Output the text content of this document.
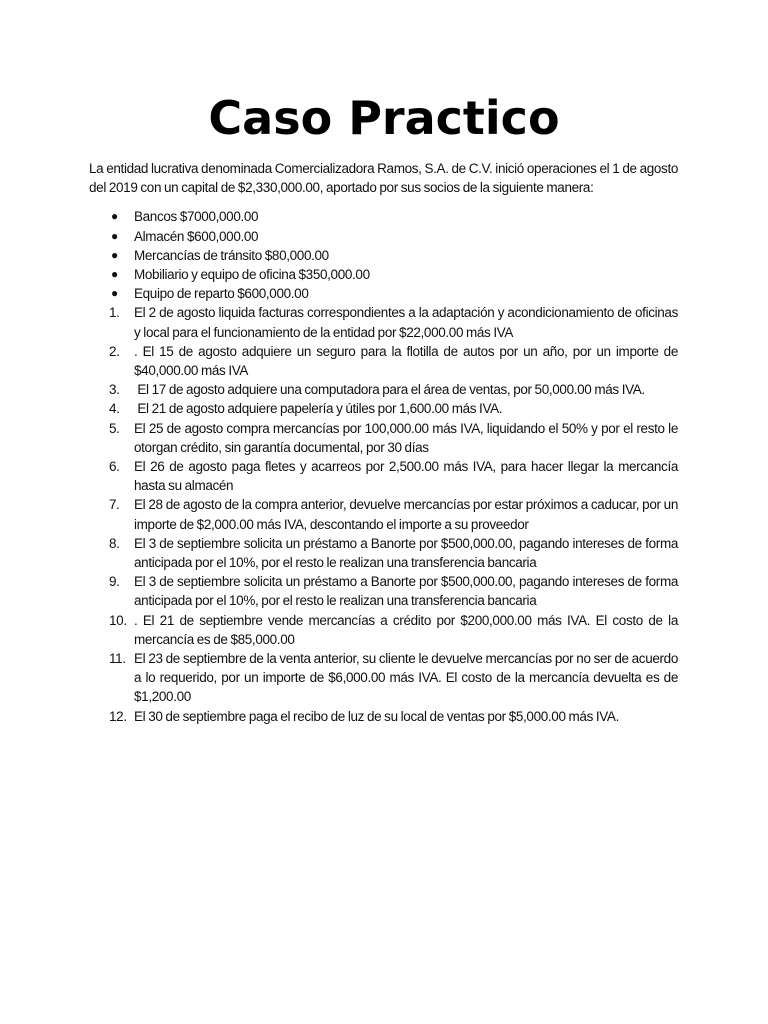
Caso Practico

La entidad lucrativa denominada Comercializadora Ramos, S.A. de C.V. inició operaciones el 1 de agosto del 2019 con un capital de $2,330,000.00, aportado por sus socios de la siguiente manera:

● Bancos $7000,000.00
● Almacén $600,000.00
● Mercancías de tránsito $80,000.00
● Mobiliario y equipo de oficina $350,000.00
● Equipo de reparto $600,000.00
1.	El 2 de agosto liquida facturas correspondientes a la adaptación y acondicionamiento de oficinas y local para el funcionamiento de la entidad por $22,000.00 más IVA
2.	. El 15 de agosto adquiere un seguro para la flotilla de autos por un año, por un importe de $40,000.00 más IVA
3.	El 17 de agosto adquiere una computadora para el área de ventas, por 50,000.00 más IVA.
4.	El 21 de agosto adquiere papelería y útiles por 1,600.00 más IVA.
5.	El 25 de agosto compra mercancías por 100,000.00 más IVA, liquidando el 50% y por el resto le otorgan crédito, sin garantía documental, por 30 días
6.	El 26 de agosto paga fletes y acarreos por 2,500.00 más IVA, para hacer llegar la mercancía hasta su almacén
7.	El 28 de agosto de la compra anterior, devuelve mercancías por estar próximos a caducar, por un importe de $2,000.00 más IVA, descontando el importe a su proveedor
8.	El 3 de septiembre solicita un préstamo a Banorte por $500,000.00, pagando intereses de forma anticipada por el 10%, por el resto le realizan una transferencia bancaria
9.	El 3 de septiembre solicita un préstamo a Banorte por $500,000.00, pagando intereses de forma anticipada por el 10%, por el resto le realizan una transferencia bancaria
10. . El 21 de septiembre vende mercancías a crédito por $200,000.00 más IVA. El costo de la mercancía es de $85,000.00
11. El 23 de septiembre de la venta anterior, su cliente le devuelve mercancías por no ser de acuerdo a lo requerido, por un importe de $6,000.00 más IVA. El costo de la mercancía devuelta es de $1,200.00
12. El 30 de septiembre paga el recibo de luz de su local de ventas por $5,000.00 más IVA.
